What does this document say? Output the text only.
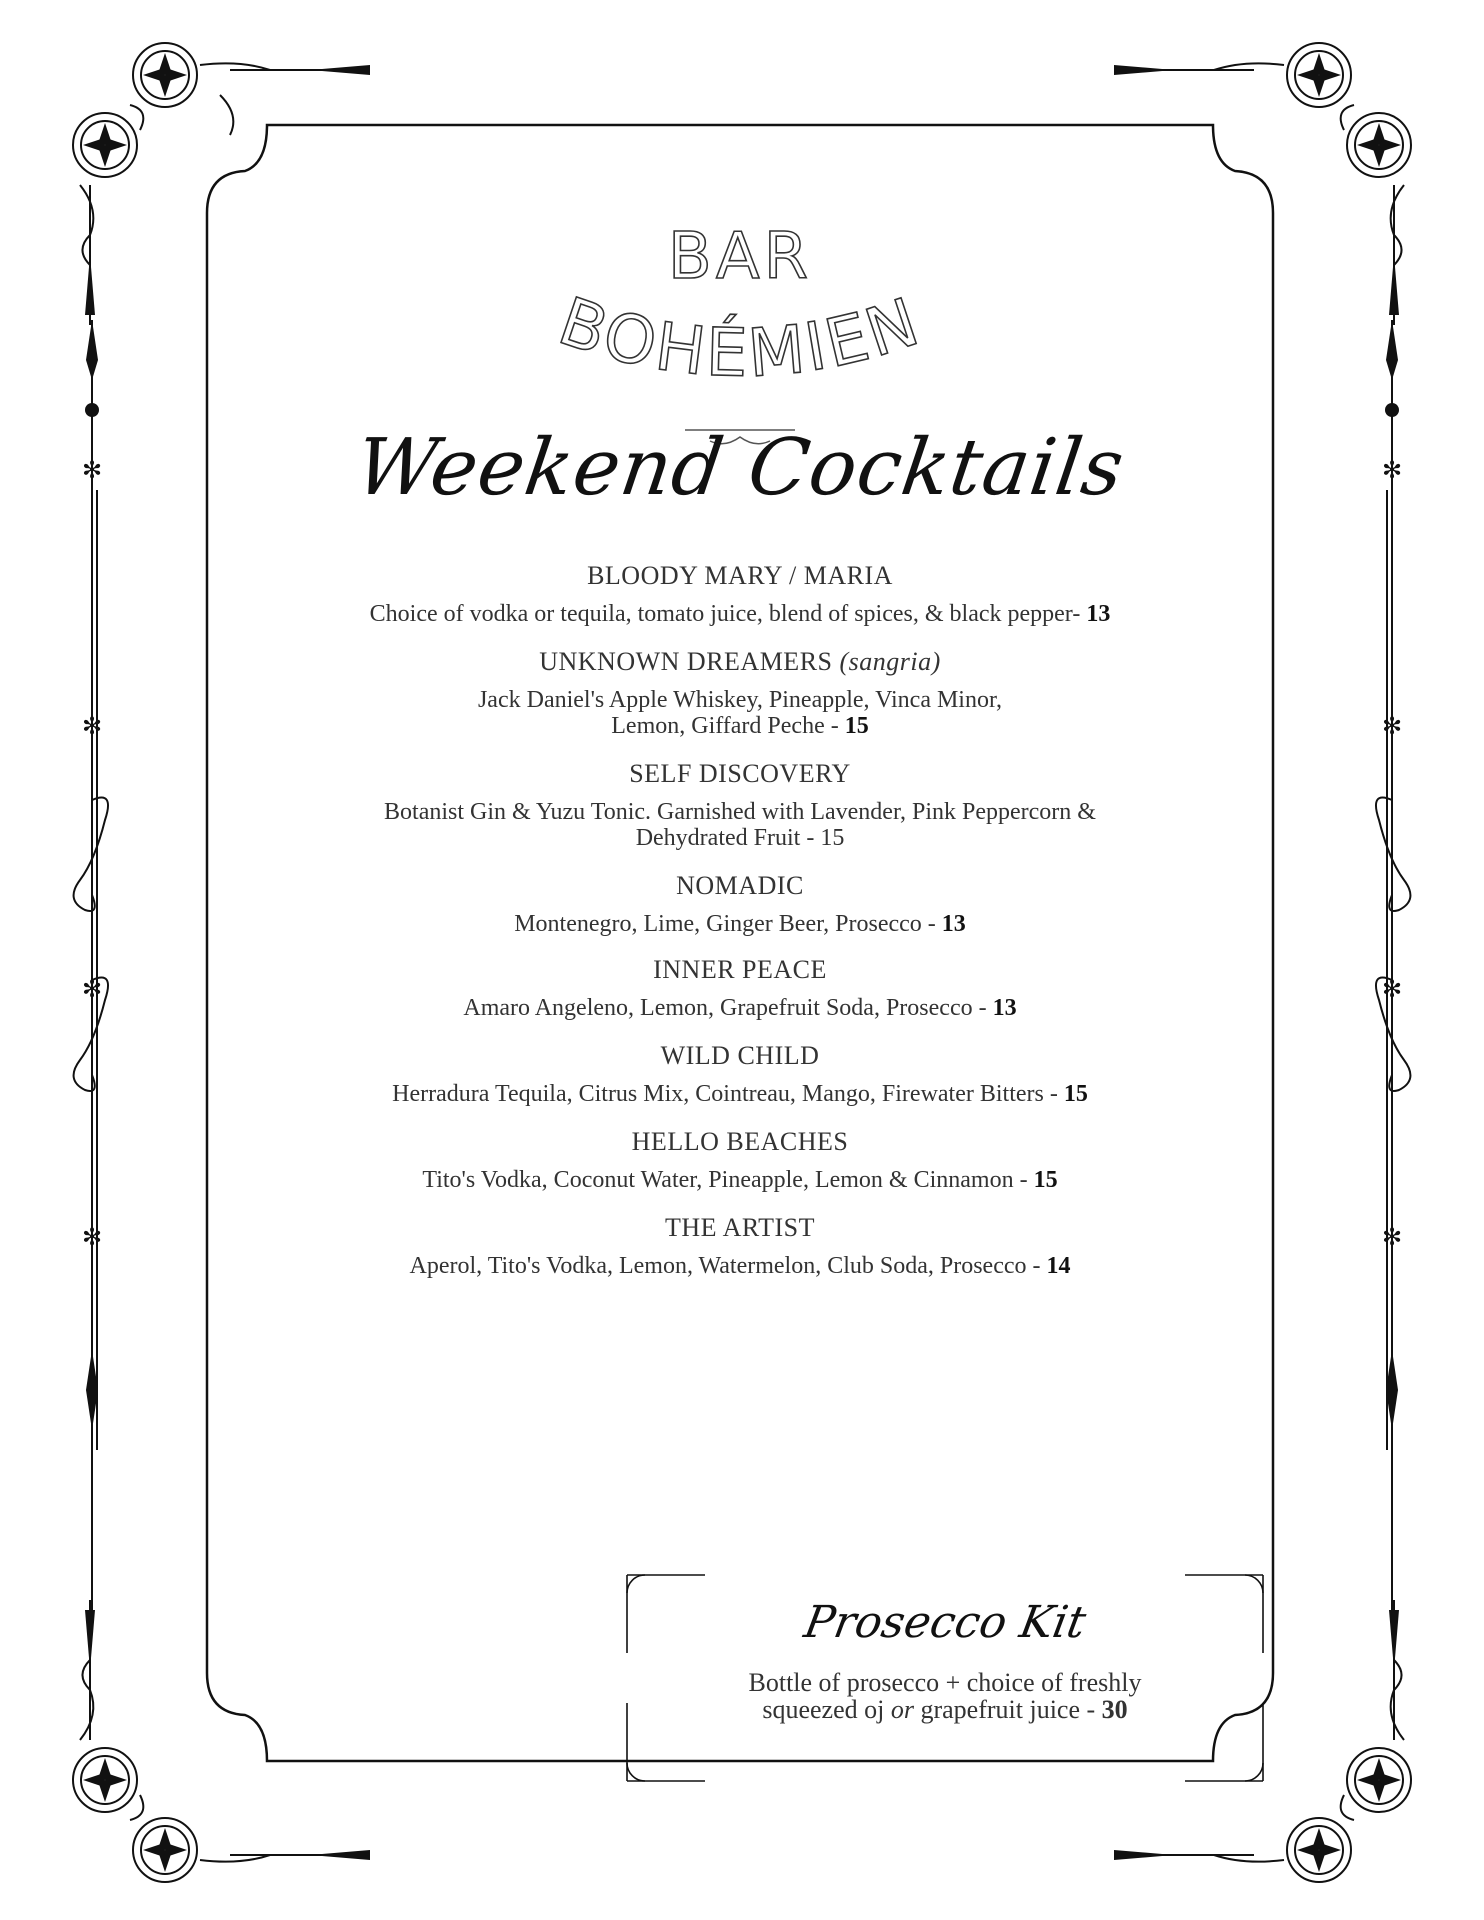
✻
✻
✻
✻
✻
✻
✻
✻
BAR
BOHÉMIEN
Weekend Cocktails
BLOODY MARY / MARIA
Choice of vodka or tequila, tomato juice, blend of spices, & black pepper- 13
UNKNOWN DREAMERS (sangria)
Jack Daniel's Apple Whiskey, Pineapple, Vinca Minor,
Lemon, Giffard Peche - 15
SELF DISCOVERY
Botanist Gin & Yuzu Tonic. Garnished with Lavender, Pink Peppercorn &
Dehydrated Fruit - 15
NOMADIC
Montenegro, Lime, Ginger Beer, Prosecco - 13
INNER PEACE
Amaro Angeleno, Lemon, Grapefruit Soda, Prosecco - 13
WILD CHILD
Herradura Tequila, Citrus Mix, Cointreau, Mango, Firewater Bitters - 15
HELLO BEACHES
Tito's Vodka, Coconut Water, Pineapple, Lemon & Cinnamon - 15
THE ARTIST
Aperol, Tito's Vodka, Lemon, Watermelon, Club Soda, Prosecco - 14
Prosecco Kit
Bottle of prosecco + choice of freshly
squeezed oj or grapefruit juice - 30
